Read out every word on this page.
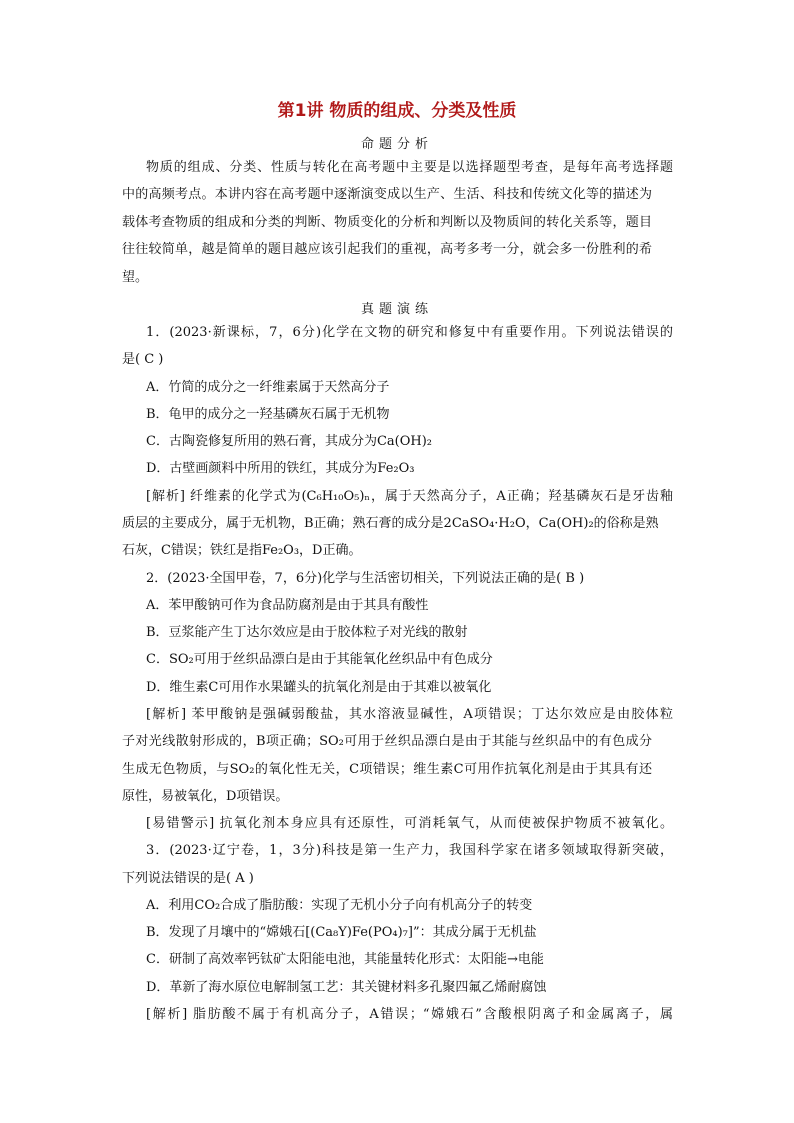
第1讲 物质的组成、分类及性质
命题分析
物质的组成、分类、性质与转化在高考题中主要是以选择题型考查，是每年高考选择题
中的高频考点。本讲内容在高考题中逐渐演变成以生产、生活、科技和传统文化等的描述为
载体考查物质的组成和分类的判断、物质变化的分析和判断以及物质间的转化关系等，题目
往往较简单，越是简单的题目越应该引起我们的重视，高考多考一分，就会多一份胜利的希
望。
真题演练
1．(2023·新课标，7，6分)化学在文物的研究和修复中有重要作用。下列说法错误的
是( C )
A．竹简的成分之一纤维素属于天然高分子
B．龟甲的成分之一羟基磷灰石属于无机物
C．古陶瓷修复所用的熟石膏，其成分为Ca(OH)₂
D．古壁画颜料中所用的铁红，其成分为Fe₂O₃
[解析] 纤维素的化学式为(C₆H₁₀O₅)ₙ，属于天然高分子，A正确；羟基磷灰石是牙齿釉
质层的主要成分，属于无机物，B正确；熟石膏的成分是2CaSO₄·H₂O，Ca(OH)₂的俗称是熟
石灰，C错误；铁红是指Fe₂O₃，D正确。
2．(2023·全国甲卷，7，6分)化学与生活密切相关，下列说法正确的是( B )
A．苯甲酸钠可作为食品防腐剂是由于其具有酸性
B．豆浆能产生丁达尔效应是由于胶体粒子对光线的散射
C．SO₂可用于丝织品漂白是由于其能氧化丝织品中有色成分
D．维生素C可用作水果罐头的抗氧化剂是由于其难以被氧化
[解析] 苯甲酸钠是强碱弱酸盐，其水溶液显碱性，A项错误；丁达尔效应是由胶体粒
子对光线散射形成的，B项正确；SO₂可用于丝织品漂白是由于其能与丝织品中的有色成分
生成无色物质，与SO₂的氧化性无关，C项错误；维生素C可用作抗氧化剂是由于其具有还
原性，易被氧化，D项错误。
[易错警示] 抗氧化剂本身应具有还原性，可消耗氧气，从而使被保护物质不被氧化。
3．(2023·辽宁卷，1，3分)科技是第一生产力，我国科学家在诸多领域取得新突破，
下列说法错误的是( A )
A．利用CO₂合成了脂肪酸：实现了无机小分子向有机高分子的转变
B．发现了月壤中的“嫦娥石[(Ca₈Y)Fe(PO₄)₇]”：其成分属于无机盐
C．研制了高效率钙钛矿太阳能电池，其能量转化形式：太阳能→电能
D．革新了海水原位电解制氢工艺：其关键材料多孔聚四氟乙烯耐腐蚀
[解析] 脂肪酸不属于有机高分子，A错误；“嫦娥石”含酸根阴离子和金属离子，属
